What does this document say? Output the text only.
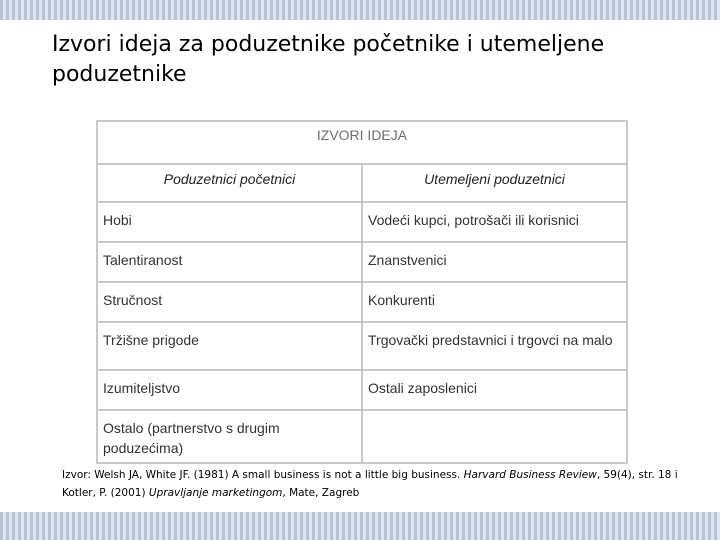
Izvori ideja za poduzetnike početnike i utemeljene poduzetnike
IZVORI IDEJA	
Poduzetnici početnici	Utemeljeni poduzetnici
Hobi	Vodeći kupci, potrošači ili korisnici
Talentiranost	Znanstvenici
Stručnost	Konkurenti
Tržišne prigode	Trgovački predstavnici i trgovci na malo
Izumiteljstvo	Ostali zaposlenici
Ostalo (partnerstvo s drugim poduzećima)	

Izvor: Welsh JA, White JF. (1981) A small business is not a little big business. Harvard Business Review, 59(4), str. 18 i Kotler, P. (2001) Upravljanje marketingom, Mate, Zagreb
